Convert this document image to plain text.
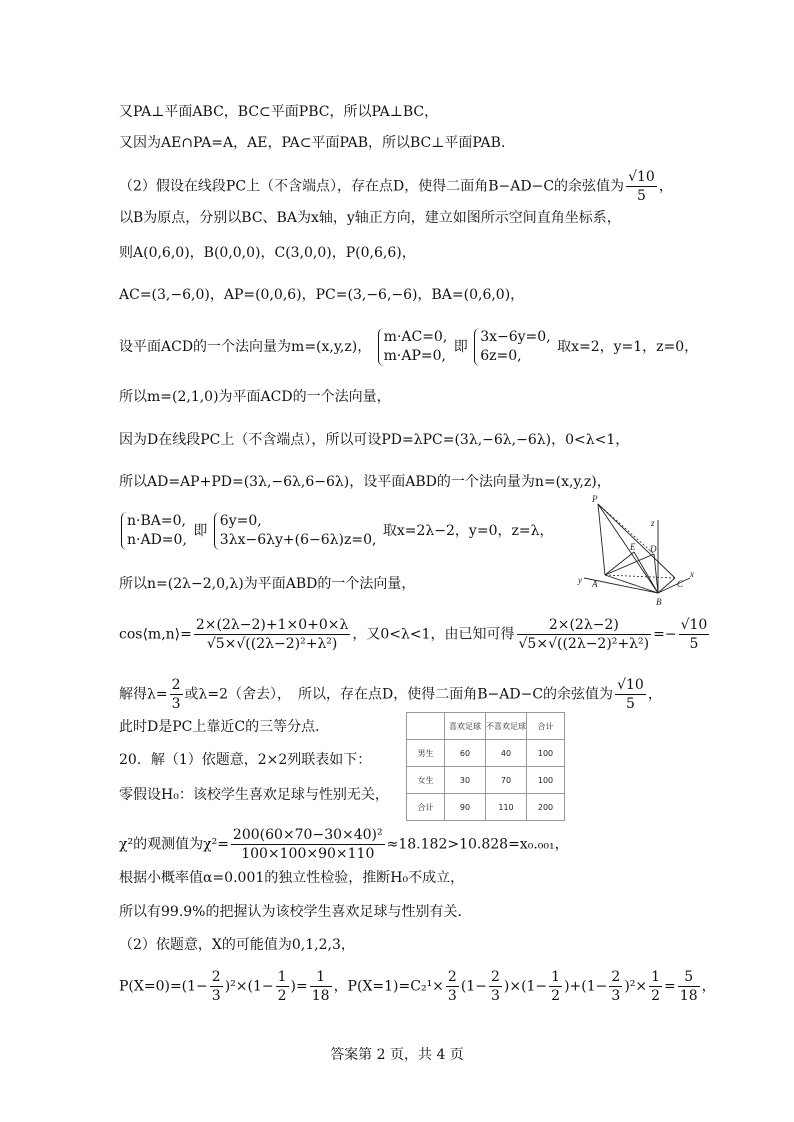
又PA⊥平面ABC，BC⊂平面PBC，所以PA⊥BC，
又因为AE∩PA=A，AE，PA⊂平面PAB，所以BC⊥平面PAB．
（2）假设在线段PC上（不含端点），存在点D，使得二面角B−AD−C的余弦值为 $\frac{√10}{5}$ ，
以B为原点，分别以BC、BA为x轴，y轴正方向，建立如图所示空间直角坐标系，
则A(0,6,0)，B(0,0,0)，C(3,0,0)，P(0,6,6)，
AC=(3,−6,0)，AP=(0,0,6)，PC=(3,−6,−6)，BA=(0,6,0)，
设平面ACD的一个法向量为m=(x,y,z)，
m·AC=0,
m·AP=0,
即
3x−6y=0,
6z=0,
取x=2，y=1，z=0，
所以m=(2,1,0)为平面ACD的一个法向量，
因为D在线段PC上（不含端点），所以可设PD=λPC=(3λ,−6λ,−6λ)，0<λ<1，
所以AD=AP+PD=(3λ,−6λ,6−6λ)，设平面ABD的一个法向量为n=(x,y,z)，
n·BA=0,
n·AD=0,
即
6y=0,
3λx−6λy+(6−6λ)z=0,
取x=2λ−2，y=0，z=λ，
所以n=(2λ−2,0,λ)为平面ABD的一个法向量，
cos⟨m,n⟩= $\frac{2\times(2\lambda-2)+1\times 0+0\times\lambda}{\text{√5×√((2λ−2)²+λ²)}}$ ，又0<λ<1，由已知可得 $\frac{2\times(2\lambda-2)}{\text{√5×√((2λ−2)²+λ²)}} =- \frac{√10}{5}$
解得$\lambda= \frac{2}{3}$ 或λ=2（舍去），　所以，存在点D，使得二面角B−AD−C的余弦值为 $\frac{√10}{5}$ ，
此时D是PC上靠近C的三等分点．
20．解（1）依题意，2×2列联表如下：
零假设H₀：该校学生喜欢足球与性别无关，
χ²的观测值为$\chi^2= \frac{\text{200(60×70−30×40)²}}{100\times 100\times 90\times 110} \approx 18.182>10.828=x_0._{001}$，
根据小概率值α=0.001的独立性检验，推断H₀不成立，
所以有99.9%的把握认为该校学生喜欢足球与性别有关．
（2）依题意，X的可能值为0,1,2,3，
$P(X=0)=(1- \frac{2}{3} )^2\times(1- \frac{1}{2}$ )= $\frac{1}{18}$ ，$P(X=1)=C_2^1\times \frac{2}{3} (1- \frac{2}{3} )\times(1- \frac{1}{2} )+(1- \frac{2}{3} )^2\times \frac{1}{2} = \frac{5}{18}$ ，
P
z
E D
y A	C
x
B
	喜欢足球	不喜欢足球	合计
男生	60	40	100
女生	30	70	100
合计	90	110	200
答案第 2 页，共 4 页
